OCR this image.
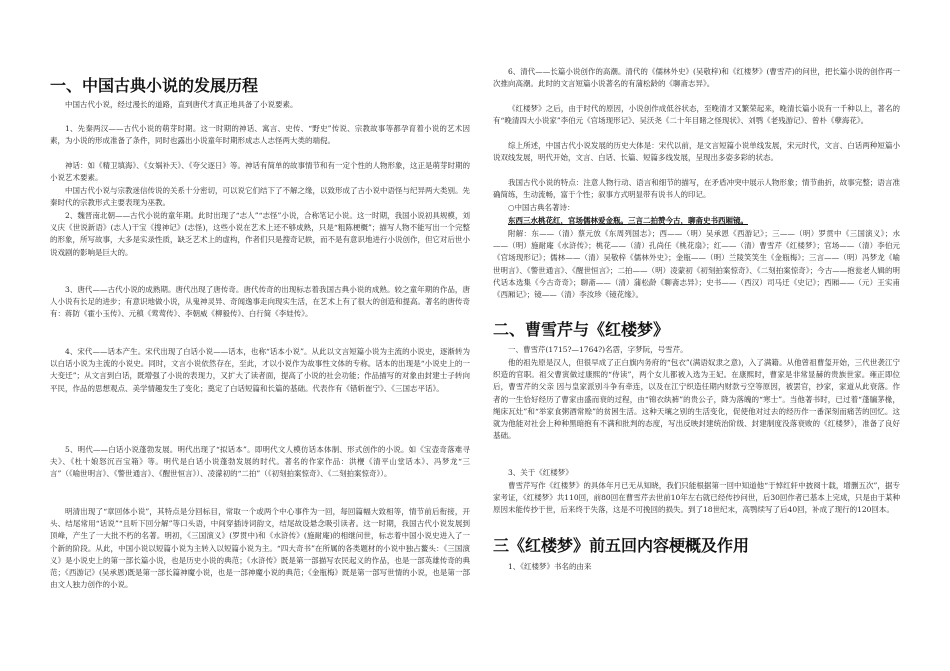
一、中国古典小说的发展历程

中国古代小说，经过漫长的道路，直到唐代才真正地具备了小说要素。

1、先秦两汉——古代小说的萌芽时期。这一时期的神话、寓言、史传、“野史”传说、宗教故事等都孕育着小说的艺术因素，为小说的形成准备了条件，同时也露出小说童年时期形成志人志怪两大类的端倪。

神话：如《精卫填海》、《女娲补天》、《夸父逐日》等。神话有简单的故事情节和有一定个性的人物形象，这正是萌芽时期的小说艺术要素。

中国古代小说与宗教迷信传说的关系十分密切，可以说它们结下了不解之缘，以致形成了古小说中语怪与纪异两大类别。先秦时代的宗教形式主要表现为巫教。

2、魏晋南北朝——古代小说的童年期。此时出现了“志人”“志怪”小说，合称笔记小说。这一时期，我国小说初具规模，刘义庆《世说新语》(志人)干宝《搜神记》(志怪)，这些小说在艺术上还不够成熟，只是“粗陈梗概”；描写人物不能写出一个完整的形象，所写故事，大多是实录性质，缺乏艺术上的虚构，作者们只是搜奇记轶，而不是有意识地进行小说创作，但它对后世小说戏剧的影响是巨大的。

3、唐代——古代小说的成熟期。唐代出现了唐传奇。唐代传奇的出现标志着我国古典小说的成熟。较之童年期的作品，唐人小说有长足的进步；有意识地做小说，从鬼神灵异、奇闻逸事走向现实生活，在艺术上有了很大的创造和提高。著名的唐传奇有：蒋防《霍小玉传》、元稹《莺莺传》、李朝威《柳毅传》、白行简《李娃传》。

4、宋代——话本产生。宋代出现了白话小说——话本，也称“话本小说”。从此以文言短篇小说为主流的小说史，逐渐转为以白话小说为主流的小说史。同时，文言小说依然存在，至此，才以小说作为故事性文体的专称。话本的出现是“小说史上的一大变迁”；从文言到白话，既增强了小说的表现力，又扩大了读者面，提高了小说的社会功能；作品描写的对象由封建士子转向平民，作品的思想观点、美学情趣发生了变化；奠定了白话短篇和长篇的基础。代表作有《错斩崔宁》、《三国志平话》。

5、明代——白话小说蓬勃发展。明代出现了“拟话本”。即明代文人模仿话本体制、形式创作的小说。如《宝壶奇落难寻夫》、《杜十娘怒沉百宝箱》等。明代是白话小说蓬勃发展的时代。著名的作家作品：洪楩《清平山堂话本》、冯梦龙“三言”（《喻世明言》、《警世通言》、《醒世恒言》）、凌濛初的“二拍”（《初刻拍案惊奇》、《二刻拍案惊奇》）。

明清出现了“章回体小说”，其特点是分回标目，常取一个或两个中心事件为一回，每回篇幅大致相等，情节前后衔接，开头、结尾常用“话说”“且听下回分解”等口头语，中间穿插诗词韵文，结尾故设悬念吸引读者。这一时期，我国古代小说发展到顶峰，产生了一大批不朽的名著。明初，《三国演义》(罗贯中)和《水浒传》(施耐庵)的相继问世，标志着中国小说史进入了一个新的阶段。从此，中国小说以短篇小说为主转入以短篇小说为主。“四大奇书”在所属的各类题材的小说中独占鳌头：《三国演义》是小说史上的第一部长篇小说，也是历史小说的典范；《水浒传》既是第一部描写农民起义的作品，也是一部英雄传奇的典范；《西游记》(吴承恩)既是第一部长篇神魔小说，也是一部神魔小说的典范；《金瓶梅》既是第一部写世情的小说，也是第一部由文人独力创作的小说。

6、清代——长篇小说创作的高潮。清代的《儒林外史》(吴敬梓)和《红楼梦》(曹雪芹)的问世，把长篇小说的创作再一次推向高潮。此时的文言短篇小说著名的有蒲松龄的《聊斋志异》。

《红楼梦》之后，由于时代的原因，小说创作成低谷状态，至晚清才又繁荣起来，晚清长篇小说有一千种以上，著名的有“晚清四大小说家”李伯元《官场现形记》、吴沃尧《二十年目睹之怪现状》、刘鹗《老残游记》、曾朴《孽海花》。

综上所述，中国古代小说发展的历史大体是：宋代以前，是文言短篇小说单线发展，宋元时代，文言、白话两种短篇小说双线发展，明代开始，文言、白话、长篇、短篇多线发展，呈现出多姿多彩的状态。

我国古代小说的特点：注意人物行动、语言和细节的描写，在矛盾冲突中展示人物形象；情节曲折，故事完整；语言准确简练，生动流畅，富于个性；叙事方式明显带有说书人的印记。

○中国古典名著诗：

东西三水桃花红，官场儒林爱金瓶。三言二拍赞今古，聊斋史书西厢镜。

附解：东——（清）蔡元放《东周列国志》；西——（明）吴承恩《西游记》；三——（明）罗贯中《三国演义》；水——（明）施耐庵《水浒传》；桃花——（清）孔尚任《桃花扇》；红——（清）曹雪芹《红楼梦》；官场——（清）李伯元《官场现形记》；儒林——（清）吴敬梓《儒林外史》；金瓶——（明）兰陵笑笑生《金瓶梅》；三言——（明）冯梦龙《喻世明言》、《警世通言》、《醒世恒言》；二拍——（明）凌蒙初《初刻拍案惊奇》、《二刻拍案惊奇》；今古——抱瓮老人辑的明代话本选集《今古奇奇》；聊斋——（清）蒲松龄《聊斋志异》；史书——（西汉）司马迁《史记》；西厢——（元）王实甫《西厢记》；镜——（清）李汝珍《镜花缘》。

二、曹雪芹与《红楼梦》

一、曹雪芹(1715?—1764?)名霑，字梦阮，号雪芹。

他的祖先原是汉人，但很早成了正白旗内务府的“包衣”(满语奴隶之意)，入了满籍。从他曾祖曹玺开始，三代世袭江宁织造的官职。祖父曹寅做过康熙的“侍读”，两个女儿都被入选为王妃。在康熙时，曹家是非常显赫的贵族世家。雍正即位后，曹雪芹的父亲 因与皇家派别斗争有牵连，以及在江宁织造任期内财款亏空等原因，被罢官，抄家，家道从此衰落。作者的一生恰好经历了曹家由盛而衰的过程，由“锦衣纨裤”的贵公子，降为落魄的“寒士”。当他著书时，已过着“蓬牖茅椽，绳床瓦灶”和“举家食粥酒常赊”的贫困生活。这种天壤之别的生活变化，促使他对过去的经历作一番深刻而痛苦的回忆。这就为他能对社会上种种黑暗抱有不满和批判的态度，写出反映封建统治阶级、封建制度没落衰败的《红楼梦》，准备了良好基础。

3、关于《红楼梦》

曹雪芹写作《红楼梦》的具体年月已无从知晓，我们只能根据第一回中知道他“于悼红轩中披阅十载，增删五次”，据专家考证，《红楼梦》共110回，前80回在曹雪芹去世前10年左右就已经传抄问世，后30回作者已基本上完成，只是由于某种原因未能传抄于世，后来终于失落，这是不可挽回的损失。到了18世纪末，高鹗续写了后40回，补成了现行的120回本。

三《红楼梦》前五回内容梗概及作用

1、《红楼梦》书名的由来
